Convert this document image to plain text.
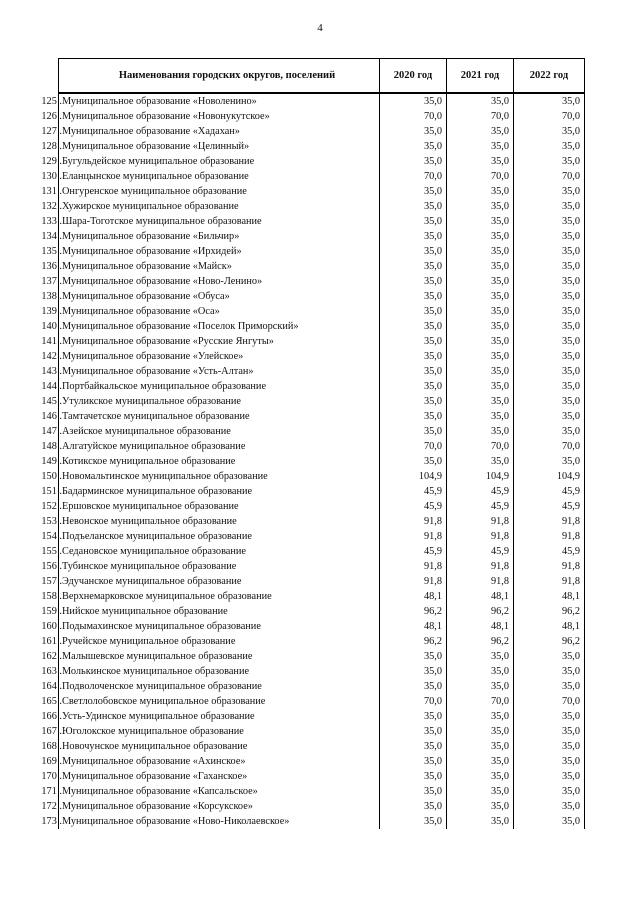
4
Наименования городских округов, поселений	2020 год	2021 год	2022 год
125 .Муниципальное образование «Новоленино»	35,0	35,0	35,0
126 .Муниципальное образование «Новонукутское»	70,0	70,0	70,0
127 .Муниципальное образование «Хадахан»	35,0	35,0	35,0
128 .Муниципальное образование «Целинный»	35,0	35,0	35,0
129 .Бугульдейское муниципальное образование	35,0	35,0	35,0
130 .Еланцынское муниципальное образование	70,0	70,0	70,0
131 .Онгуренское муниципальное образование	35,0	35,0	35,0
132 .Хужирское муниципальное образование	35,0	35,0	35,0
133 .Шара-Тоготское муниципальное образование	35,0	35,0	35,0
134 .Муниципальное образование «Бильчир»	35,0	35,0	35,0
135 .Муниципальное образование «Ирхидей»	35,0	35,0	35,0
136 .Муниципальное образование «Майск»	35,0	35,0	35,0
137 .Муниципальное образование «Ново-Ленино»	35,0	35,0	35,0
138 .Муниципальное образование «Обуса»	35,0	35,0	35,0
139 .Муниципальное образование «Оса»	35,0	35,0	35,0
140 .Муниципальное образование «Поселок Приморский»	35,0	35,0	35,0
141 .Муниципальное образование «Русские Янгуты»	35,0	35,0	35,0
142 .Муниципальное образование «Улейское»	35,0	35,0	35,0
143 .Муниципальное образование «Усть-Алтан»	35,0	35,0	35,0
144 .Портбайкальское муниципальное образование	35,0	35,0	35,0
145 .Утуликское муниципальное образование	35,0	35,0	35,0
146 .Тамтачетское муниципальное образование	35,0	35,0	35,0
147 .Азейское муниципальное образование	35,0	35,0	35,0
148 .Алгатуйское муниципальное образование	70,0	70,0	70,0
149 .Котикское муниципальное образование	35,0	35,0	35,0
150 .Новомальтинское муниципальное образование	104,9	104,9	104,9
151 .Бадарминское муниципальное образование	45,9	45,9	45,9
152 .Ершовское муниципальное образование	45,9	45,9	45,9
153 .Невонское муниципальное образование	91,8	91,8	91,8
154 .Подъеланское муниципальное образование	91,8	91,8	91,8
155 .Седановское муниципальное образование	45,9	45,9	45,9
156 .Тубинское муниципальное образование	91,8	91,8	91,8
157 .Эдучанское муниципальное образование	91,8	91,8	91,8
158 .Верхнемарковское муниципальное образование	48,1	48,1	48,1
159 .Нийское муниципальное образование	96,2	96,2	96,2
160 .Подымахинское муниципальное образование	48,1	48,1	48,1
161 .Ручейское муниципальное образование	96,2	96,2	96,2
162 .Малышевское муниципальное образование	35,0	35,0	35,0
163 .Молькинское муниципальное образование	35,0	35,0	35,0
164 .Подволоченское муниципальное образование	35,0	35,0	35,0
165 .Светлолобовское муниципальное образование	70,0	70,0	70,0
166 .Усть-Удинское муниципальное образование	35,0	35,0	35,0
167 .Юголокское муниципальное образование	35,0	35,0	35,0
168 .Новочунское муниципальное образование	35,0	35,0	35,0
169 .Муниципальное образование «Ахинское»	35,0	35,0	35,0
170 .Муниципальное образование «Гаханское»	35,0	35,0	35,0
171 .Муниципальное образование «Капсальское»	35,0	35,0	35,0
172 .Муниципальное образование «Корсукское»	35,0	35,0	35,0
173 .Муниципальное образование «Ново-Николаевское»	35,0	35,0	35,0
